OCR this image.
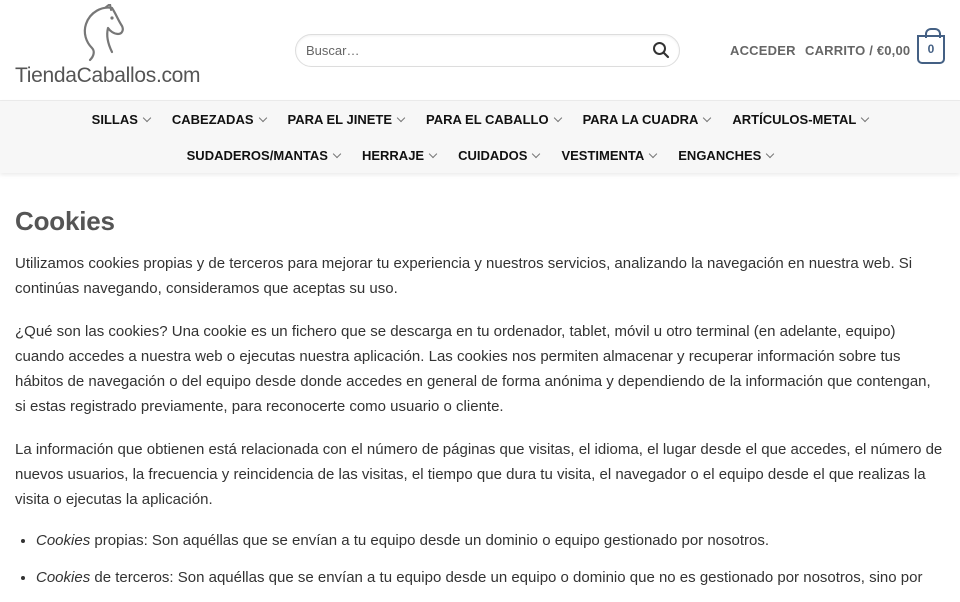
TiendaCaballos.com
Buscar…
ACCEDER CARRITO / €0,00	0
SILLAS	CABEZADAS	PARA EL JINETE	PARA EL CABALLO	PARA LA CUADRA	ARTÍCULOS-METAL
SUDADEROS/MANTAS	HERRAJE	CUIDADOS	VESTIMENTA	ENGANCHES
Cookies

Utilizamos cookies propias y de terceros para mejorar tu experiencia y nuestros servicios, analizando la navegación en nuestra web. Si continúas navegando, consideramos que aceptas su uso.

¿Qué son las cookies? Una cookie es un fichero que se descarga en tu ordenador, tablet, móvil u otro terminal (en adelante, equipo) cuando accedes a nuestra web o ejecutas nuestra aplicación. Las cookies nos permiten almacenar y recuperar información sobre tus hábitos de navegación o del equipo desde donde accedes en general de forma anónima y dependiendo de la información que contengan, si estas registrado previamente, para reconocerte como usuario o cliente.

La información que obtienen está relacionada con el número de páginas que visitas, el idioma, el lugar desde el que accedes, el número de nuevos usuarios, la frecuencia y reincidencia de las visitas, el tiempo que dura tu visita, el navegador o el equipo desde el que realizas la visita o ejecutas la aplicación.

• Cookies propias: Son aquéllas que se envían a tu equipo desde un dominio o equipo gestionado por nosotros.
• Cookies de terceros: Son aquéllas que se envían a tu equipo desde un equipo o dominio que no es gestionado por nosotros, sino por
